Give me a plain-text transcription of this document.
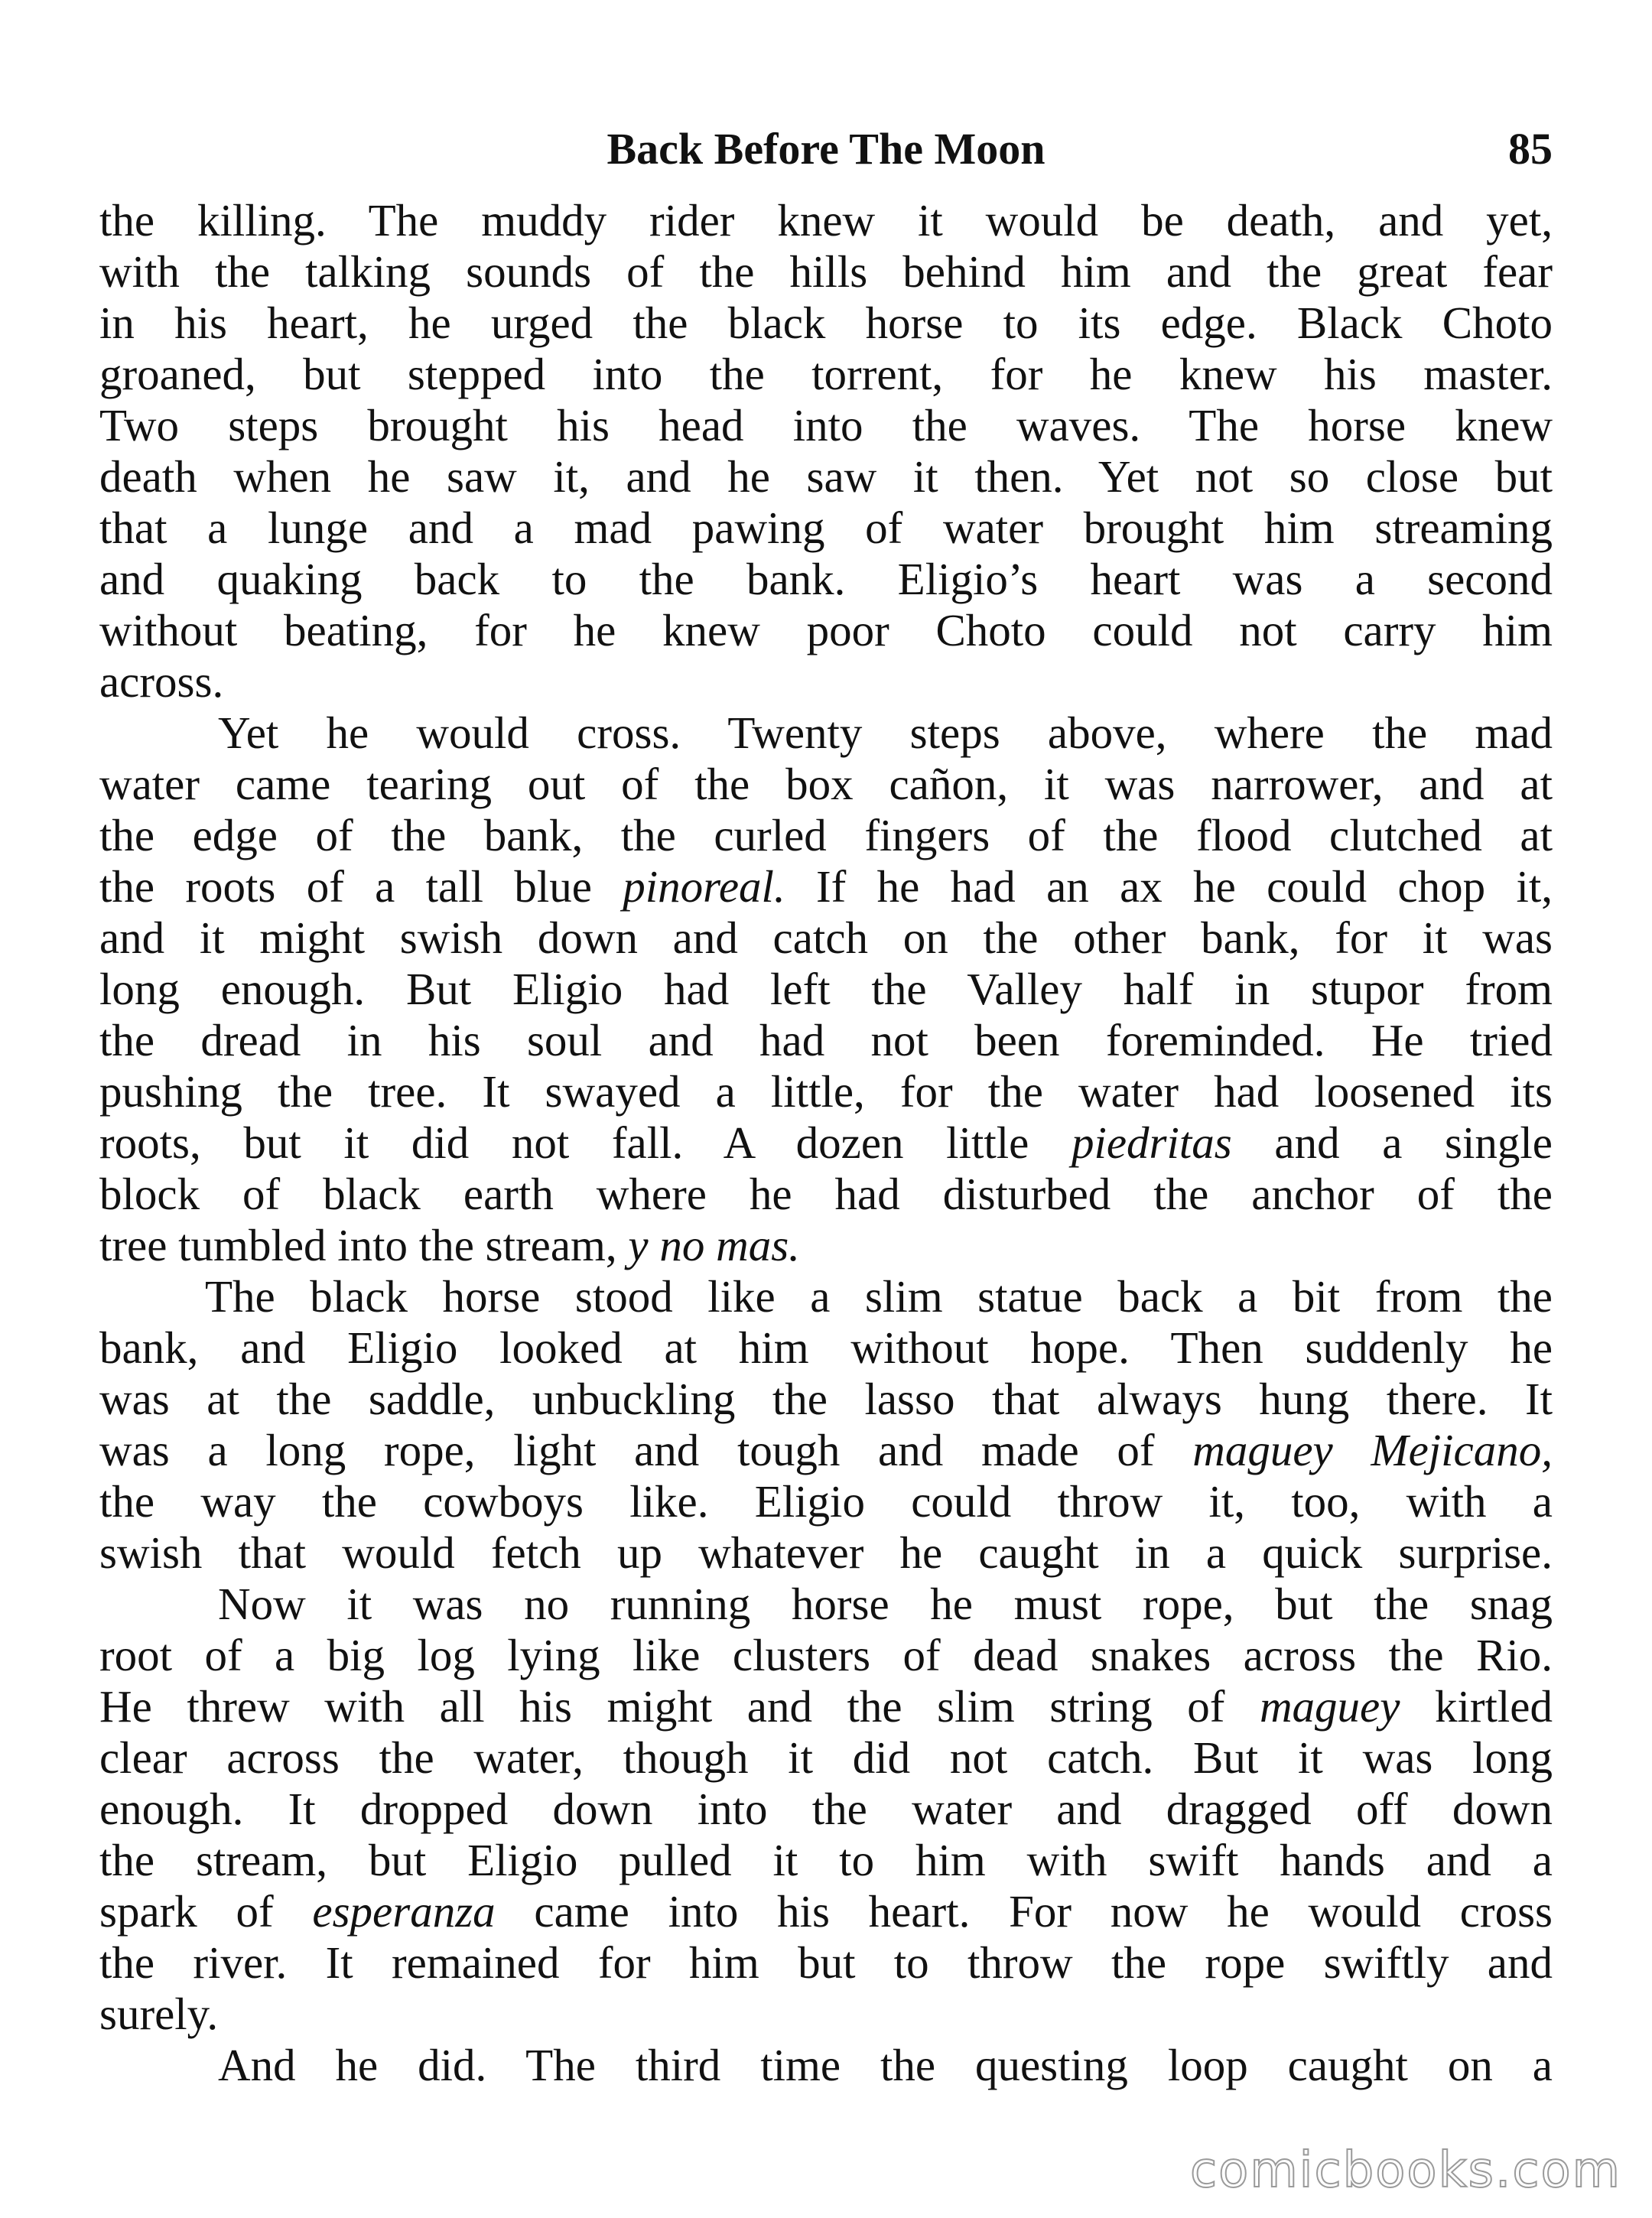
Back Before The Moon	85
the killing. The muddy rider knew it would be death, and yet,
with the talking sounds of the hills behind him and the great fear
in his heart, he urged the black horse to its edge. Black Choto
groaned, but stepped into the torrent, for he knew his master.
Two steps brought his head into the waves. The horse knew
death when he saw it, and he saw it then. Yet not so close but
that a lunge and a mad pawing of water brought him streaming
and quaking back to the bank. Eligio’s heart was a second
without beating, for he knew poor Choto could not carry him
across.
Yet he would cross. Twenty steps above, where the mad
water came tearing out of the box cañon, it was narrower, and at
the edge of the bank, the curled fingers of the flood clutched at
the roots of a tall blue pinoreal. If he had an ax he could chop it,
and it might swish down and catch on the other bank, for it was
long enough. But Eligio had left the Valley half in stupor from
the dread in his soul and had not been foreminded. He tried
pushing the tree. It swayed a little, for the water had loosened its
roots, but it did not fall. A dozen little piedritas and a single
block of black earth where he had disturbed the anchor of the
tree tumbled into the stream, y no mas.
The black horse stood like a slim statue back a bit from the
bank, and Eligio looked at him without hope. Then suddenly he
was at the saddle, unbuckling the lasso that always hung there. It
was a long rope, light and tough and made of maguey Mejicano,
the way the cowboys like. Eligio could throw it, too, with a
swish that would fetch up whatever he caught in a quick surprise.
Now it was no running horse he must rope, but the snag
root of a big log lying like clusters of dead snakes across the Rio.
He threw with all his might and the slim string of maguey kirtled
clear across the water, though it did not catch. But it was long
enough. It dropped down into the water and dragged off down
the stream, but Eligio pulled it to him with swift hands and a
spark of esperanza came into his heart. For now he would cross
the river. It remained for him but to throw the rope swiftly and
surely.
And he did. The third time the questing loop caught on a
comicbooks.com
